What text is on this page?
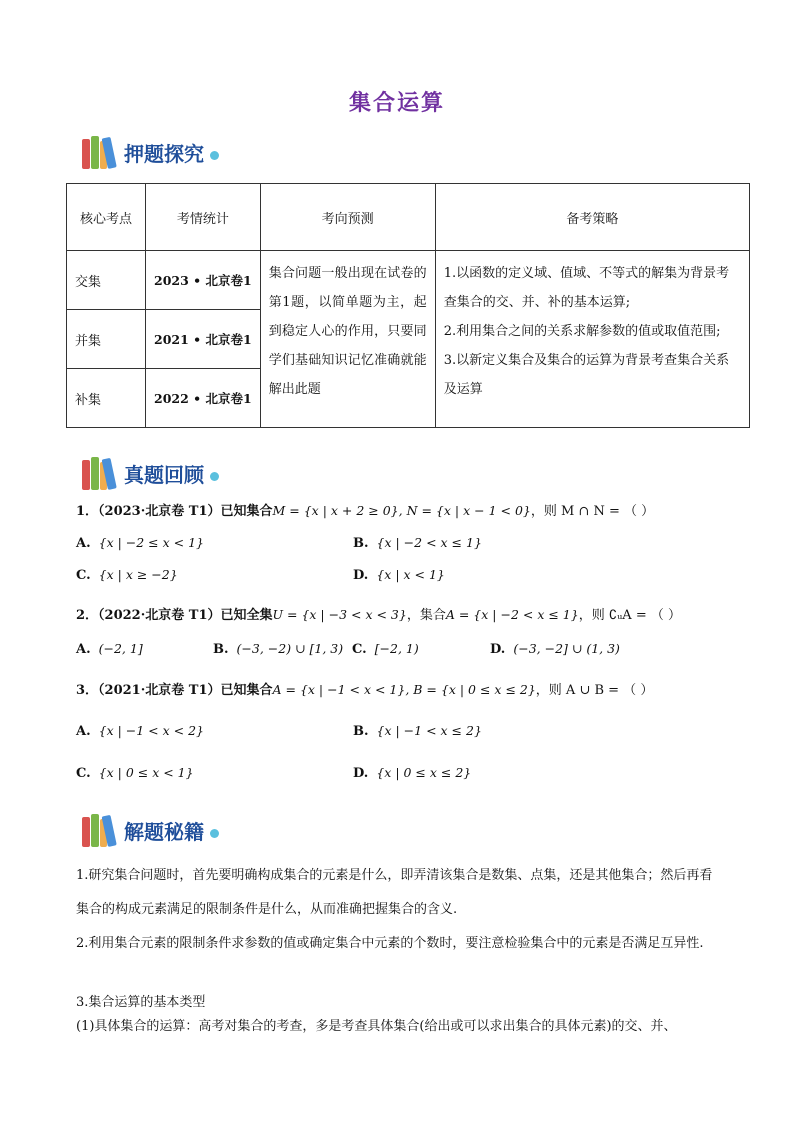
集合运算
押题探究
核心考点	考情统计	考向预测	备考策略
交集	2023 • 北京卷1	集合问题一般出现在试卷的第1题，以简单题为主，起到稳定人心的作用，只要同学们基础知识记忆准确就能解出此题	1.以函数的定义域、值域、不等式的解集为背景考查集合的交、并、补的基本运算;
2.利用集合之间的关系求解参数的值或取值范围;
3.以新定义集合及集合的运算为背景考查集合关系及运算

并集	2021 • 北京卷1		
补集	2022 • 北京卷1		
真题回顾
1．（2023·北京卷 T1）已知集合M = {x | x + 2 ≥ 0}, N = {x | x − 1 < 0}，则 M ∩ N = （ ）
A. {x | −2 ≤ x < 1}	B. {x | −2 < x ≤ 1}
C. {x | x ≥ −2}	D. {x | x < 1}
2．（2022·北京卷 T1）已知全集U = {x | −3 < x < 3}，集合A = {x | −2 < x ≤ 1}，则 ∁ᵤA = （ ）
A. (−2, 1]	B. (−3, −2) ∪ [1, 3) C. [−2, 1)	D. (−3, −2] ∪ (1, 3)
3．（2021·北京卷 T1）已知集合A = {x | −1 < x < 1}, B = {x | 0 ≤ x ≤ 2}，则 A ∪ B = （ ）
A. {x | −1 < x < 2}	B. {x | −1 < x ≤ 2}
C. {x | 0 ≤ x < 1}	D. {x | 0 ≤ x ≤ 2}
解题秘籍
1.研究集合问题时，首先要明确构成集合的元素是什么，即弄清该集合是数集、点集，还是其他集合；然后再看集合的构成元素满足的限制条件是什么，从而准确把握集合的含义.
2.利用集合元素的限制条件求参数的值或确定集合中元素的个数时，要注意检验集合中的元素是否满足互异性.
3.集合运算的基本类型
(1)具体集合的运算：高考对集合的考查，多是考查具体集合(给出或可以求出集合的具体元素)的交、并、
